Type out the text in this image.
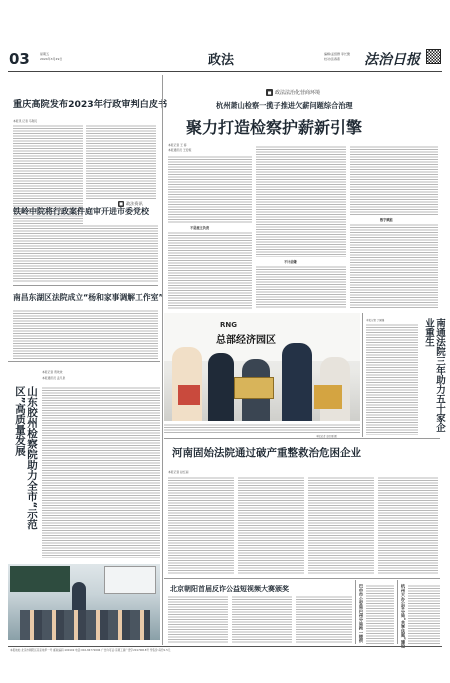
03	星期五
2024年3月29日	政法	编辑/孟绍群 李长聚
校对/张春燕	法治日报
重庆高院发布2023年行政审判白皮书
本报讯 记者 马利民
■ 政法资讯
铁岭中院将行政案件庭审开进市委党校
南昌东湖区法院成立“杨和家事调解工作室”
本报记者 贾欢欢
本报通讯员 孟凡泉
山东胶州检察院助力全市“示范区”高质量发展
■ 政法法治化营商环境
杭州萧山检察一揽子推进欠薪问题综合治理
聚力打造检察护薪新引擎
本报记者 王 春
本报通讯员 王宏妮
不是雇主负责
不计前嫌
数字赋能
RNG
总部经济园区
本报记者 赵红丽 摄
南通法院三年助力五十家企业重生
本报记者 丁国锋
河南固始法院通过破产重整救治危困企业
本报记者 赵红丽
北京朝阳首届反诈公益短视频大赛颁奖	巴中市公安局巴州分局拘一提供	杭州大办公安分局“共享法庭”建设
本报地址:北京市朝阳区花家地甲一号 邮政编码:100102 电话:010-84772096 广告许可证:京朝工商广登字20170018号 零售价:每份1.5元
